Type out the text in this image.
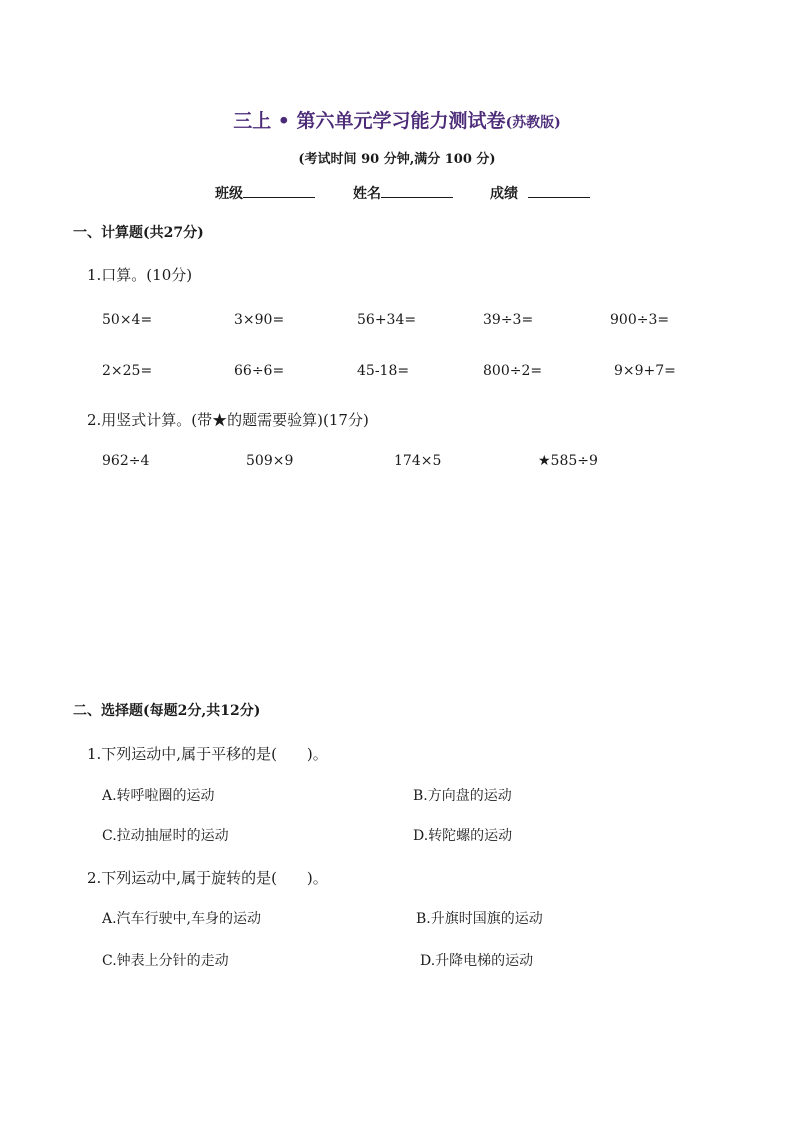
三上 • 第六单元学习能力测试卷(苏教版)
(考试时间 90 分钟,满分 100 分)
班级	姓名	成绩
一、计算题(共27分)
1.口算。(10分)
50×4=	3×90=	56+34=	39÷3=	900÷3=
2×25=	66÷6=	45-18=	800÷2=	9×9+7=
2.用竖式计算。(带★的题需要验算)(17分)
962÷4	509×9	174×5	★585÷9
二、选择题(每题2分,共12分)
1.下列运动中,属于平移的是(　　)。
A.转呼啦圈的运动	B.方向盘的运动
C.拉动抽屉时的运动	D.转陀螺的运动
2.下列运动中,属于旋转的是(　　)。
A.汽车行驶中,车身的运动	B.升旗时国旗的运动
C.钟表上分针的走动	D.升降电梯的运动
